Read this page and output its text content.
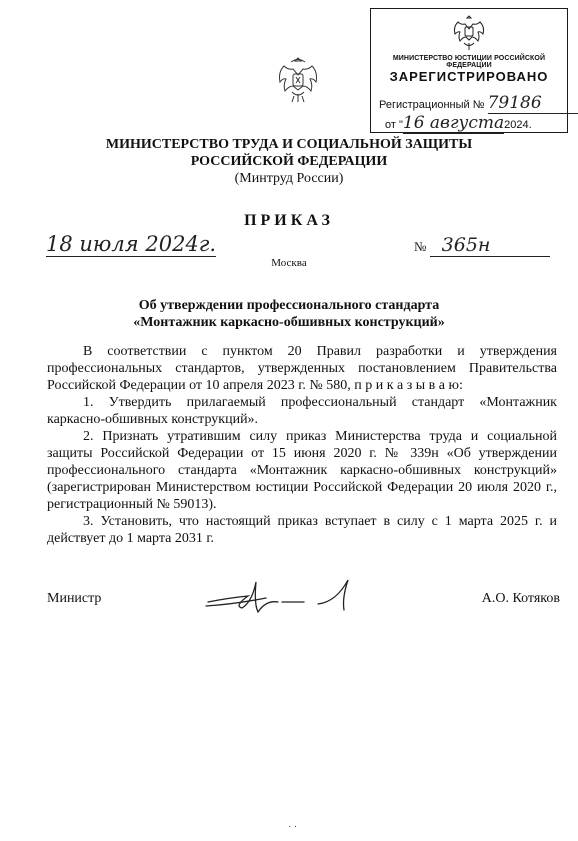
МИНИСТЕРСТВО ЮСТИЦИИ РОССИЙСКОЙ ФЕДЕРАЦИИ
ЗАРЕГИСТРИРОВАНО
Регистрационный № 79186
от "16 августа2024.
МИНИСТЕРСТВО ТРУДА И СОЦИАЛЬНОЙ ЗАЩИТЫ
РОССИЙСКОЙ ФЕДЕРАЦИИ
(Минтруд России)
ПРИКАЗ
18 июля 2024г.	№ 365н
Москва
Об утверждении профессионального стандарта
«Монтажник каркасно-обшивных конструкций»

В соответствии с пунктом 20 Правил разработки и утверждения профессиональных стандартов, утвержденных постановлением Правительства Российской Федерации от 10 апреля 2023 г. № 580, п р и к а з ы в а ю:

1. Утвердить прилагаемый профессиональный стандарт «Монтажник каркасно-обшивных конструкций».

2. Признать утратившим силу приказ Министерства труда и социальной защиты Российской Федерации от 15 июня 2020 г. № 339н «Об утверждении профессионального стандарта «Монтажник каркасно-обшивных конструкций» (зарегистрирован Министерством юстиции Российской Федерации 20 июля 2020 г., регистрационный № 59013).

3. Установить, что настоящий приказ вступает в силу с 1 марта 2025 г. и действует до 1 марта 2031 г.

Министр	А.О. Котяков
· ·
